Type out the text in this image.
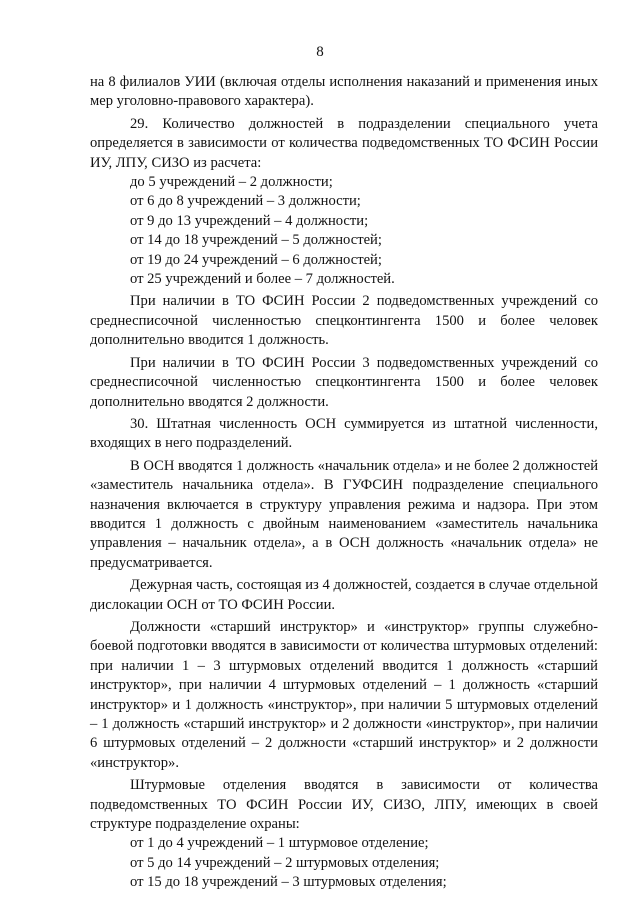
8

на 8 филиалов УИИ (включая отделы исполнения наказаний и применения иных мер уголовно-правового характера).

29. Количество должностей в подразделении специального учета определяется в зависимости от количества подведомственных ТО ФСИН России ИУ, ЛПУ, СИЗО из расчета:

до 5 учреждений – 2 должности;

от 6 до 8 учреждений – 3 должности;

от 9 до 13 учреждений – 4 должности;

от 14 до 18 учреждений – 5 должностей;

от 19 до 24 учреждений – 6 должностей;

от 25 учреждений и более – 7 должностей.

При наличии в ТО ФСИН России 2 подведомственных учреждений со среднесписочной численностью спецконтингента 1500 и более человек дополнительно вводится 1 должность.

При наличии в ТО ФСИН России 3 подведомственных учреждений со среднесписочной численностью спецконтингента 1500 и более человек дополнительно вводятся 2 должности.

30. Штатная численность ОСН суммируется из штатной численности, входящих в него подразделений.

В ОСН вводятся 1 должность «начальник отдела» и не более 2 должностей «заместитель начальника отдела». В ГУФСИН подразделение специального назначения включается в структуру управления режима и надзора. При этом вводится 1 должность с двойным наименованием «заместитель начальника управления – начальник отдела», а в ОСН должность «начальник отдела» не предусматривается.

Дежурная часть, состоящая из 4 должностей, создается в случае отдельной дислокации ОСН от ТО ФСИН России.

Должности «старший инструктор» и «инструктор» группы служебно-боевой подготовки вводятся в зависимости от количества штурмовых отделений: при наличии 1 – 3 штурмовых отделений вводится 1 должность «старший инструктор», при наличии 4 штурмовых отделений – 1 должность «старший инструктор» и 1 должность «инструктор», при наличии 5 штурмовых отделений – 1 должность «старший инструктор» и 2 должности «инструктор», при наличии 6 штурмовых отделений – 2 должности «старший инструктор» и 2 должности «инструктор».

Штурмовые отделения вводятся в зависимости от количества подведомственных ТО ФСИН России ИУ, СИЗО, ЛПУ, имеющих в своей структуре подразделение охраны:

от 1 до 4 учреждений – 1 штурмовое отделение;

от 5 до 14 учреждений – 2 штурмовых отделения;

от 15 до 18 учреждений – 3 штурмовых отделения;
